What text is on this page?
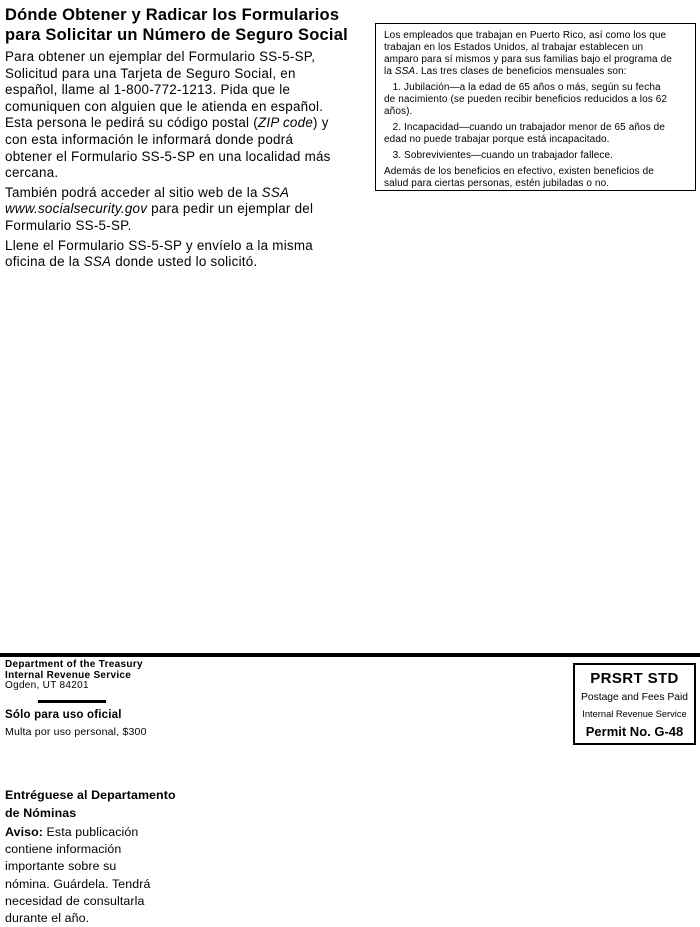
Dónde Obtener y Radicar los Formularios
para Solicitar un Número de Seguro Social
Para obtener un ejemplar del Formulario SS-5-SP,
Solicitud para una Tarjeta de Seguro Social, en
español, llame al 1-800-772-1213. Pida que le
comuniquen con alguien que le atienda en español.
Esta persona le pedirá su código postal (ZIP code) y
con esta información le informará donde podrá
obtener el Formulario SS-5-SP en una localidad más
cercana.
También podrá acceder al sitio web de la SSA
www.socialsecurity.gov para pedir un ejemplar del
Formulario SS-5-SP.
Llene el Formulario SS-5-SP y envíelo a la misma
oficina de la SSA donde usted lo solicitó.
Los empleados que trabajan en Puerto Rico, así como los que
trabajan en los Estados Unidos, al trabajar establecen un
amparo para sí mismos y para sus familias bajo el programa de
la SSA. Las tres clases de beneficios mensuales son:
1. Jubilación—a la edad de 65 años o más, según su fecha
de nacimiento (se pueden recibir beneficios reducidos a los 62
años).
2. Incapacidad—cuando un trabajador menor de 65 años de
edad no puede trabajar porque está incapacitado.
3. Sobrevivientes—cuando un trabajador fallece.
Además de los beneficios en efectivo, existen beneficios de
salud para ciertas personas, estén jubiladas o no.
Department of the Treasury
Internal Revenue Service
Ogden, UT 84201
Sólo para uso oficial
Multa por uso personal, $300
PRSRT STD
Postage and Fees Paid
Internal Revenue Service
Permit No. G-48
Entréguese al Departamento
de Nóminas
Aviso: Esta publicación
contiene información
importante sobre su
nómina. Guárdela. Tendrá
necesidad de consultarla
durante el año.
